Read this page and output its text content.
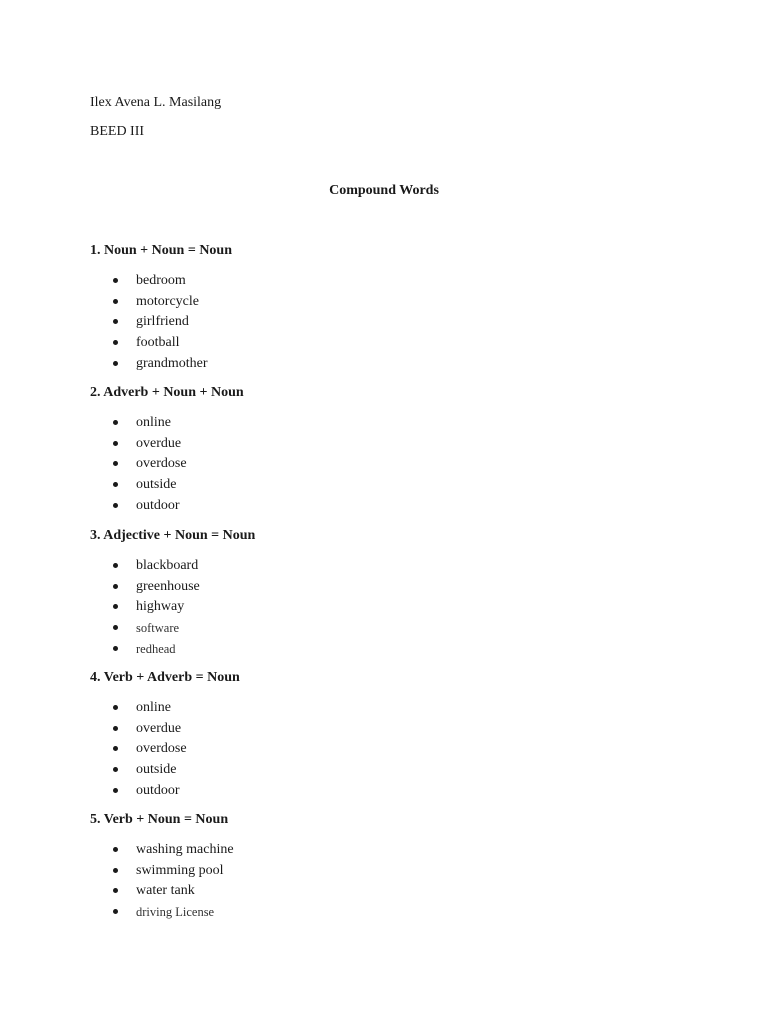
Ilex Avena L. Masilang
BEED III
Compound Words

1. Noun + Noun = Noun

bedroom
motorcycle
girlfriend
football
grandmother

2. Adverb + Noun + Noun

online
overdue
overdose
outside
outdoor

3. Adjective + Noun = Noun

blackboard
greenhouse
highway
software
redhead

4. Verb + Adverb = Noun

online
overdue
overdose
outside
outdoor

5. Verb + Noun = Noun

washing machine
swimming pool
water tank
driving License
